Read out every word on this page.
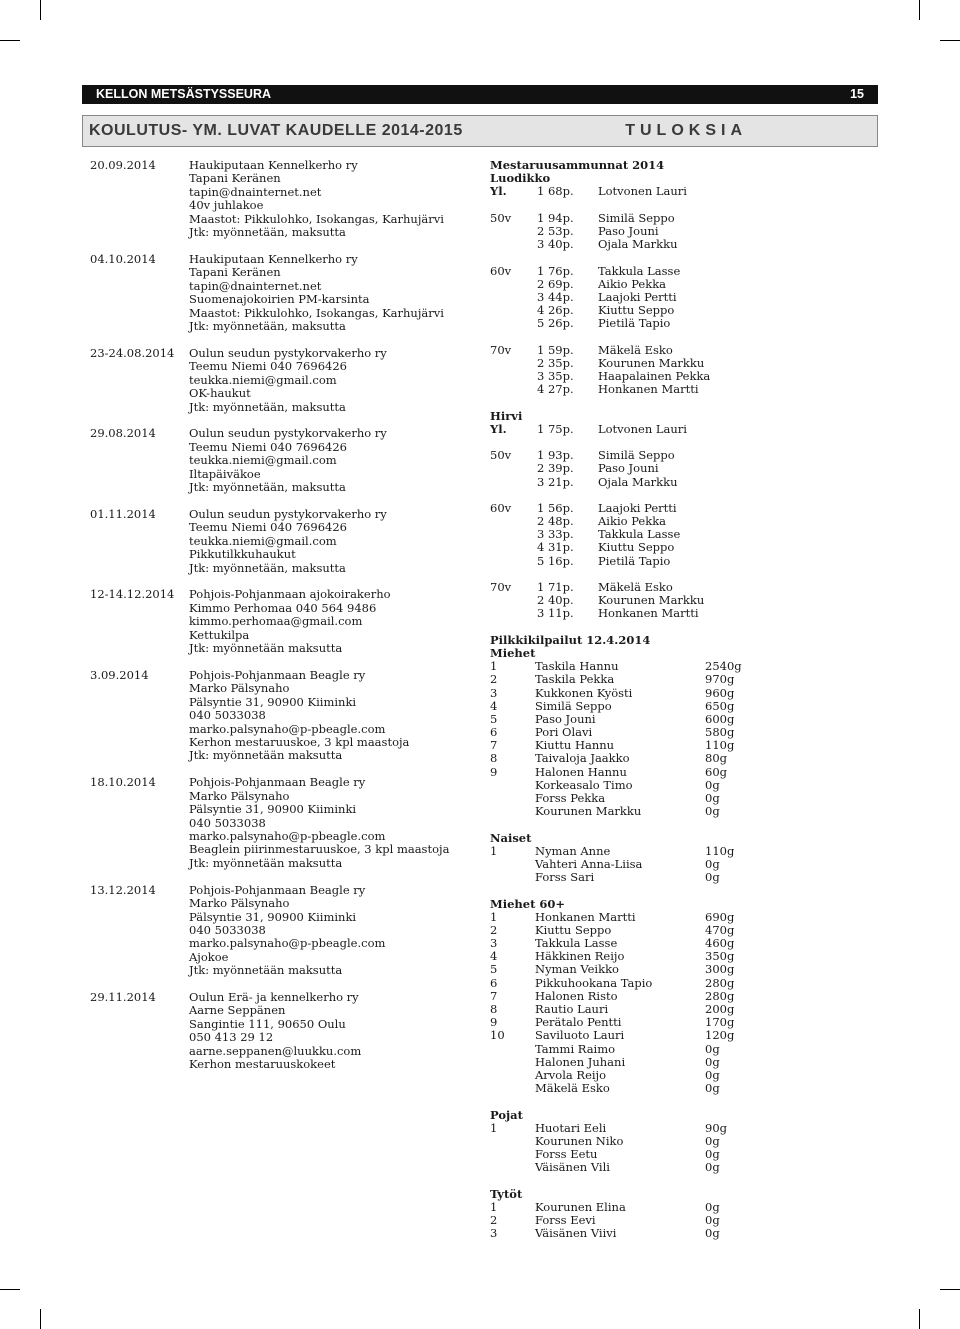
KELLON METSÄSTYSSEURA	15
KOULUTUS- YM. LUVAT KAUDELLE 2014-2015	TULOKSIA
20.09.2014	Haukiputaan Kennelkerho ry
Tapani Keränen
tapin@dnainternet.net
40v juhlakoe
Maastot: Pikkulohko, Isokangas, Karhujärvi
Jtk: myönnetään, maksutta
04.10.2014	Haukiputaan Kennelkerho ry
Tapani Keränen
tapin@dnainternet.net
Suomenajokoirien PM-karsinta
Maastot: Pikkulohko, Isokangas, Karhujärvi
Jtk: myönnetään, maksutta
23-24.08.2014 Oulun seudun pystykorvakerho ry
Teemu Niemi 040 7696426
teukka.niemi@gmail.com
OK-haukut
Jtk: myönnetään, maksutta
29.08.2014	Oulun seudun pystykorvakerho ry
Teemu Niemi 040 7696426
teukka.niemi@gmail.com
Iltapäiväkoe
Jtk: myönnetään, maksutta
01.11.2014	Oulun seudun pystykorvakerho ry
Teemu Niemi 040 7696426
teukka.niemi@gmail.com
Pikkutilkkuhaukut
Jtk: myönnetään, maksutta
12-14.12.2014 Pohjois-Pohjanmaan ajokoirakerho
Kimmo Perhomaa 040 564 9486
kimmo.perhomaa@gmail.com
Kettukilpa
Jtk: myönnetään maksutta
3.09.2014	Pohjois-Pohjanmaan Beagle ry
Marko Pälsynaho
Pälsyntie 31, 90900 Kiiminki
040 5033038
marko.palsynaho@p-pbeagle.com
Kerhon mestaruuskoe, 3 kpl maastoja
Jtk: myönnetään maksutta
18.10.2014	Pohjois-Pohjanmaan Beagle ry
Marko Pälsynaho
Pälsyntie 31, 90900 Kiiminki
040 5033038
marko.palsynaho@p-pbeagle.com
Beaglein piirinmestaruuskoe, 3 kpl maastoja
Jtk: myönnetään maksutta
13.12.2014	Pohjois-Pohjanmaan Beagle ry
Marko Pälsynaho
Pälsyntie 31, 90900 Kiiminki
040 5033038
marko.palsynaho@p-pbeagle.com
Ajokoe
Jtk: myönnetään maksutta
29.11.2014	Oulun Erä- ja kennelkerho ry
Aarne Seppänen
Sangintie 111, 90650 Oulu
050 413 29 12
aarne.seppanen@luukku.com
Kerhon mestaruuskokeet
Mestaruusammunnat 2014
Luodikko
Yl.	1 68p. Lotvonen Lauri
50v 1 94p. Similä Seppo
2 53p. Paso Jouni
3 40p. Ojala Markku
60v 1 76p. Takkula Lasse
2 69p. Aikio Pekka
3 44p. Laajoki Pertti
4 26p. Kiuttu Seppo
5 26p. Pietilä Tapio
70v 1 59p. Mäkelä Esko
2 35p. Kourunen Markku
3 35p. Haapalainen Pekka
4 27p. Honkanen Martti
Hirvi
Yl.	1 75p. Lotvonen Lauri
50v 1 93p. Similä Seppo
2 39p. Paso Jouni
3 21p. Ojala Markku
60v 1 56p. Laajoki Pertti
2 48p. Aikio Pekka
3 33p. Takkula Lasse
4 31p. Kiuttu Seppo
5 16p. Pietilä Tapio
70v 1 71p. Mäkelä Esko
2 40p. Kourunen Markku
3 11p. Honkanen Martti
Pilkkikilpailut 12.4.2014
Miehet
1	Taskila Hannu	2540g
2	Taskila Pekka	970g
3	Kukkonen Kyösti	960g
4	Similä Seppo	650g
5	Paso Jouni	600g
6	Pori Olavi	580g
7	Kiuttu Hannu	110g
8	Taivaloja Jaakko	80g
9	Halonen Hannu	60g
Korkeasalo Timo	0g
Forss Pekka	0g
Kourunen Markku	0g
Naiset
1	Nyman Anne	110g
Vahteri Anna-Liisa	0g
Forss Sari	0g
Miehet 60+
1	Honkanen Martti	690g
2	Kiuttu Seppo	470g
3	Takkula Lasse	460g
4	Häkkinen Reijo	350g
5	Nyman Veikko	300g
6	Pikkuhookana Tapio	280g
7	Halonen Risto	280g
8	Rautio Lauri	200g
9	Perätalo Pentti	170g
10	Saviluoto Lauri	120g
Tammi Raimo	0g
Halonen Juhani	0g
Arvola Reijo	0g
Mäkelä Esko	0g
Pojat
1	Huotari Eeli	90g
Kourunen Niko	0g
Forss Eetu	0g
Väisänen Vili	0g
Tytöt
1	Kourunen Elina	0g
2	Forss Eevi	0g
3	Väisänen Viivi	0g
